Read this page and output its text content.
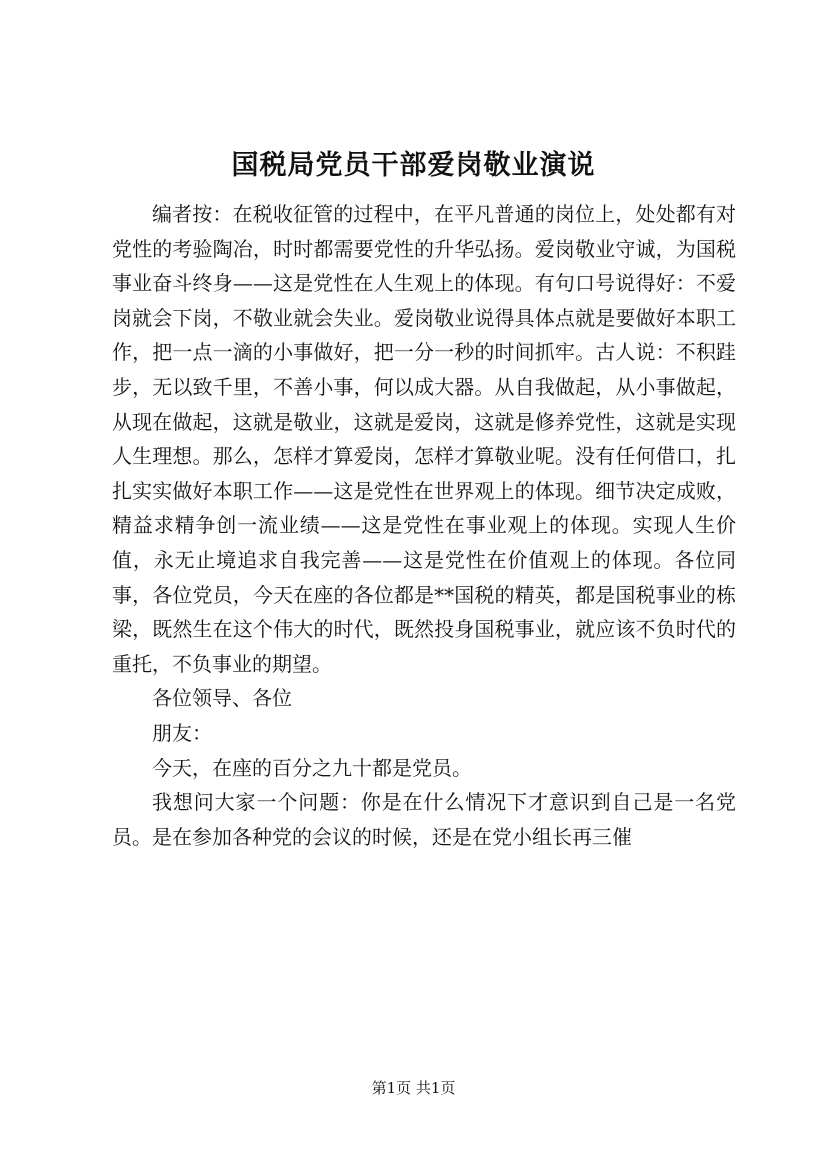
国税局党员干部爱岗敬业演说

编者按：在税收征管的过程中，在平凡普通的岗位上，处处都有对党性的考验陶冶，时时都需要党性的升华弘扬。爱岗敬业守诚，为国税事业奋斗终身——这是党性在人生观上的体现。有句口号说得好：不爱岗就会下岗，不敬业就会失业。爱岗敬业说得具体点就是要做好本职工作，把一点一滴的小事做好，把一分一秒的时间抓牢。古人说：不积跬步，无以致千里，不善小事，何以成大器。从自我做起，从小事做起，从现在做起，这就是敬业，这就是爱岗，这就是修养党性，这就是实现人生理想。那么，怎样才算爱岗，怎样才算敬业呢。没有任何借口，扎扎实实做好本职工作——这是党性在世界观上的体现。细节决定成败，精益求精争创一流业绩——这是党性在事业观上的体现。实现人生价值，永无止境追求自我完善——这是党性在价值观上的体现。各位同事，各位党员，今天在座的各位都是**国税的精英，都是国税事业的栋梁，既然生在这个伟大的时代，既然投身国税事业，就应该不负时代的重托，不负事业的期望。

各位领导、各位

朋友：

今天，在座的百分之九十都是党员。

我想问大家一个问题：你是在什么情况下才意识到自己是一名党员。是在参加各种党的会议的时候，还是在党小组长再三催

第1页 共1页
